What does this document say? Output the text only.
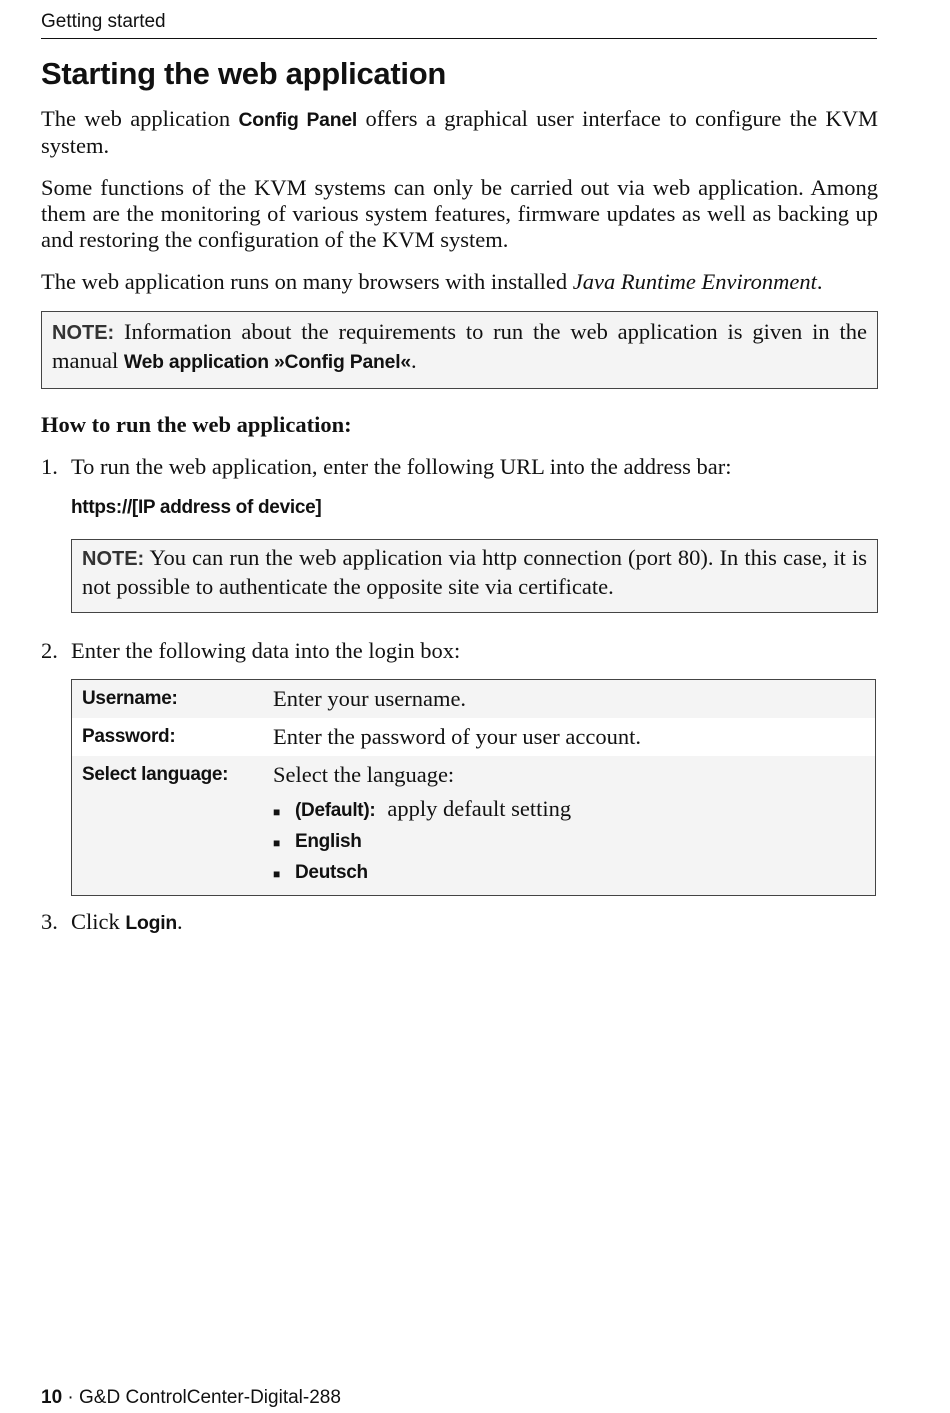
Getting started
Starting the web application

The web application Config Panel offers a graphical user interface to configure the KVM system.

Some functions of the KVM systems can only be carried out via web application. Among them are the monitoring of various system features, firmware updates as well as backing up and restoring the configuration of the KVM system.

The web application runs on many browsers with installed Java Runtime Environment.

NOTE: Information about the requirements to run the web application is given in the manual Web application »Config Panel«.
How to run the web application:
1. To run the web application, enter the following URL into the address bar:
https://[IP address of device]
NOTE: You can run the web application via http connection (port 80). In this case, it is not possible to authenticate the opposite site via certificate.
2. Enter the following data into the login box:
Username:	Enter your username.
Password:	Enter the password of your user account.
Select language:	Select the language:
■ (Default): apply default setting
■ English
■ Deutsch
3. Click Login.
10 · G&D ControlCenter-Digital-288
